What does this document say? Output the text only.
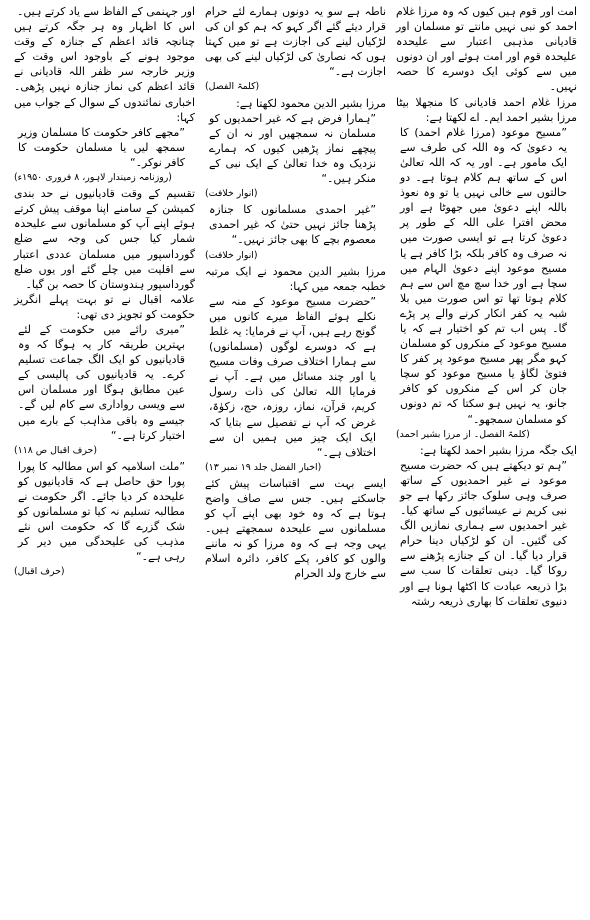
امت اور قوم ہیں کیوں کہ وہ مرزا غلام احمد کو نبی نہیں مانتے تو مسلمان اور قادیانی مذہبی اعتبار سے علیحدہ علیحدہ قوم اور امت ہوئے اور ان دونوں میں سے کوئی ایک دوسرے کا حصہ نہیں۔

مرزا غلام احمد قادیانی کا منجھلا بیٹا مرزا بشیر احمد ایم۔ اے لکھتا ہے:

”مسیح موعود (مرزا غلام احمد) کا یہ دعویٰ کہ وہ اللہ کی طرف سے ایک مامور ہے۔ اور یہ کہ اللہ تعالیٰ اس کے ساتھ ہم کلام ہوتا ہے۔ دو حالتوں سے خالی نہیں یا تو وہ نعوذ باللہ اپنے دعویٰ میں جھوٹا ہے اور محض افترا علی اللہ کے طور پر دعویٰ کرتا ہے تو ایسی صورت میں نہ صرف وہ کافر بلکہ بڑا کافر ہے یا مسیح موعود اپنے دعویٰ الہام میں سچا ہے اور خدا سچ مچ اس سے ہم کلام ہوتا تھا تو اس صورت میں بلا شبہ یہ کفر انکار کرنے والے پر پڑے گا۔ پس اب تم کو اختیار ہے کہ یا مسیح موعود کے منکروں کو مسلمان کہو مگر پھر مسیح موعود پر کفر کا فتویٰ لگاؤ یا مسیح موعود کو سچا جان کر اس کے منکروں کو کافر جانو، یہ نہیں ہو سکتا کہ تم دونوں کو مسلمان سمجھو۔“

(کلمۃ الفصل۔ از مرزا بشیر احمد)

ایک جگہ مرزا بشیر احمد لکھتا ہے:

”ہم تو دیکھتے ہیں کہ حضرت مسیح موعود نے غیر احمدیوں کے ساتھ صرف وہی سلوک جائز رکھا ہے جو نبی کریم نے عیسائیوں کے ساتھ کیا۔ غیر احمدیوں سے ہماری نمازیں الگ کی گئیں۔ ان کو لڑکیاں دینا حرام قرار دیا گیا۔ ان کے جنازے پڑھنے سے روکا گیا۔ دینی تعلقات کا سب سے بڑا ذریعہ عبادت کا اکٹھا ہونا ہے اور دنیوی تعلقات کا بھاری ذریعہ رشتہ

ناطہ ہے سو یہ دونوں ہمارے لئے حرام قرار دیئے گئے اگر کہو کہ ہم کو ان کی لڑکیاں لینے کی اجازت ہے تو میں کہتا ہوں کہ نصاریٰ کی لڑکیاں لینے کی بھی اجازت ہے۔“

(کلمۃ الفصل)

مرزا بشیر الدین محمود لکھتا ہے:

”ہمارا فرض ہے کہ غیر احمدیوں کو مسلمان نہ سمجھیں اور نہ ان کے پیچھے نماز پڑھیں کیوں کہ ہمارے نزدیک وہ خدا تعالیٰ کے ایک نبی کے منکر ہیں۔“

(انوار خلافت)

”غیر احمدی مسلمانوں کا جنازہ پڑھنا جائز نہیں حتیٰ کہ غیر احمدی معصوم بچے کا بھی جائز نہیں۔“

(انوار خلافت)

مرزا بشیر الدین محمود نے ایک مرتبہ خطبہ جمعہ میں کہا:

”حضرت مسیح موعود کے منہ سے نکلے ہوئے الفاظ میرے کانوں میں گونج رہے ہیں، آپ نے فرمایا: یہ غلط ہے کہ دوسرے لوگوں (مسلمانوں) سے ہمارا اختلاف صرف وفات مسیح یا اور چند مسائل میں ہے۔ آپ نے فرمایا اللہ تعالیٰ کی ذات رسول کریم، قرآن، نماز، روزہ، حج، زکوٰۃ، غرض کہ آپ نے تفصیل سے بتایا کہ ایک ایک چیز میں ہمیں ان سے اختلاف ہے۔“

(اخبار الفضل جلد ۱۹ نمبر ۱۳)

ایسے بہت سے اقتباسات پیش کئے جاسکتے ہیں۔ جس سے صاف واضح ہوتا ہے کہ وہ خود بھی اپنے آپ کو مسلمانوں سے علیحدہ سمجھتے ہیں۔ یہی وجہ ہے کہ وہ مرزا کو نہ ماننے والوں کو کافر، پکے کافر، دائرہ اسلام سے خارج ولد الحرام

اور جہنمی کے الفاظ سے یاد کرتے ہیں۔

اس کا اظہار وہ ہر جگہ کرتے ہیں چنانچہ قائد اعظم کے جنازہ کے وقت موجود ہونے کے باوجود اس وقت کے وزیر خارجہ سر ظفر اللہ قادیانی نے قائد اعظم کی نماز جنازہ نہیں پڑھی۔ اخباری نمائندوں کے سوال کے جواب میں کہا:

”مجھے کافر حکومت کا مسلمان وزیر سمجھ لیں یا مسلمان حکومت کا کافر نوکر۔“

(روزنامہ زمیندار لاہور، ۸ فروری ۱۹۵۰ء)

تقسیم کے وقت قادیانیوں نے حد بندی کمیشن کے سامنے اپنا موقف پیش کرتے ہوئے اپنے آپ کو مسلمانوں سے علیحدہ شمار کیا جس کی وجہ سے ضلع گورداسپور میں مسلمان عددی اعتبار سے اقلیت میں چلے گئے اور یوں ضلع گورداسپور ہندوستان کا حصہ بن گیا۔

علامہ اقبال نے تو بہت پہلے انگریز حکومت کو تجویز دی تھی:

”میری رائے میں حکومت کے لئے بہترین طریقہ کار یہ ہوگا کہ وہ قادیانیوں کو ایک الگ جماعت تسلیم کرے۔ یہ قادیانیوں کی پالیسی کے عین مطابق ہوگا اور مسلمان اس سے ویسی رواداری سے کام لیں گے۔ جیسے وہ باقی مذاہب کے بارے میں اختیار کرتا ہے۔“

(حرف اقبال ص ۱۱۸)

”ملت اسلامیہ کو اس مطالبہ کا پورا پورا حق حاصل ہے کہ قادیانیوں کو علیحدہ کر دیا جائے۔ اگر حکومت نے مطالبہ تسلیم نہ کیا تو مسلمانوں کو شک گزرے گا کہ حکومت اس نئے مذہب کی علیحدگی میں دیر کر رہی ہے۔“

(حرف اقبال)
